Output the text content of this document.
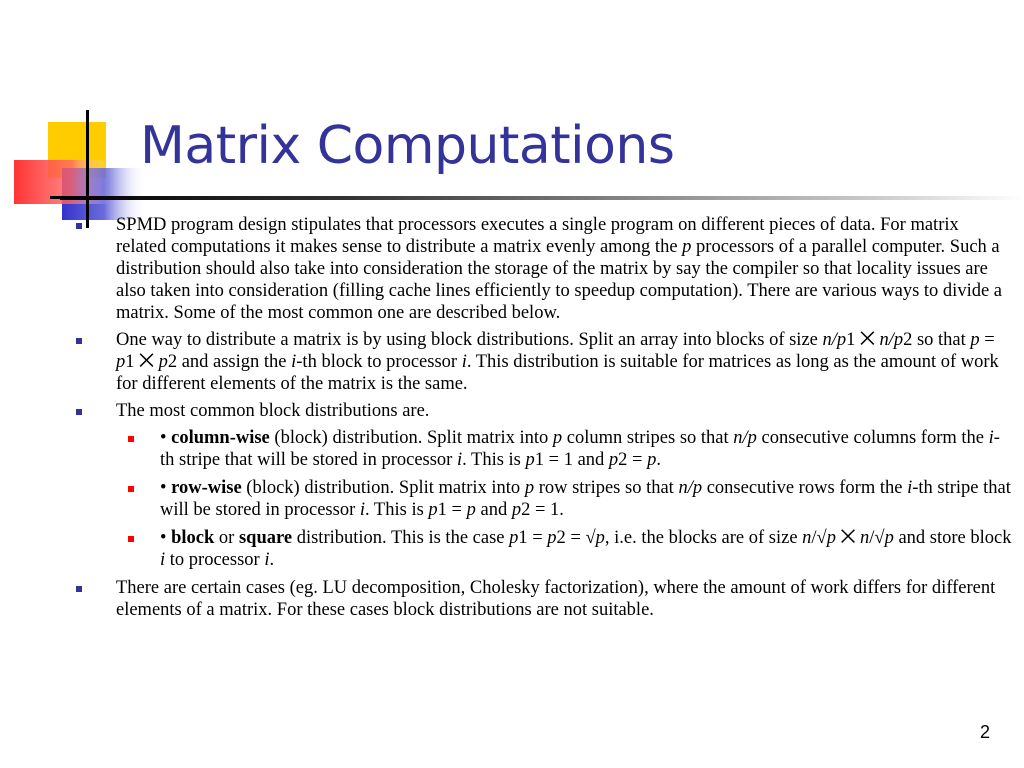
Matrix Computations
SPMD program design stipulates that processors executes a single program on different pieces of data. For matrix related computations it makes sense to distribute a matrix evenly among the p processors of a parallel computer. Such a distribution should also take into consideration the storage of the matrix by say the compiler so that locality issues are also taken into consideration (filling cache lines efficiently to speedup computation). There are various ways to divide a matrix. Some of the most common one are described below.
One way to distribute a matrix is by using block distributions. Split an array into blocks of size n/p1 ⨉ n/p2 so that p = p1 ⨉ p2 and assign the i-th block to processor i. This distribution is suitable for matrices as long as the amount of work for different elements of the matrix is the same.
The most common block distributions are.
• column-wise (block) distribution. Split matrix into p column stripes so that n/p consecutive columns form the i-th stripe that will be stored in processor i. This is p1 = 1 and p2 = p.
• row-wise (block) distribution. Split matrix into p row stripes so that n/p consecutive rows form the i-th stripe that will be stored in processor i. This is p1 = p and p2 = 1.
• block or square distribution. This is the case p1 = p2 = √p, i.e. the blocks are of size n/√p ⨉ n/√p and store block i to processor i.
There are certain cases (eg. LU decomposition, Cholesky factorization), where the amount of work differs for different elements of a matrix. For these cases block distributions are not suitable.
2
